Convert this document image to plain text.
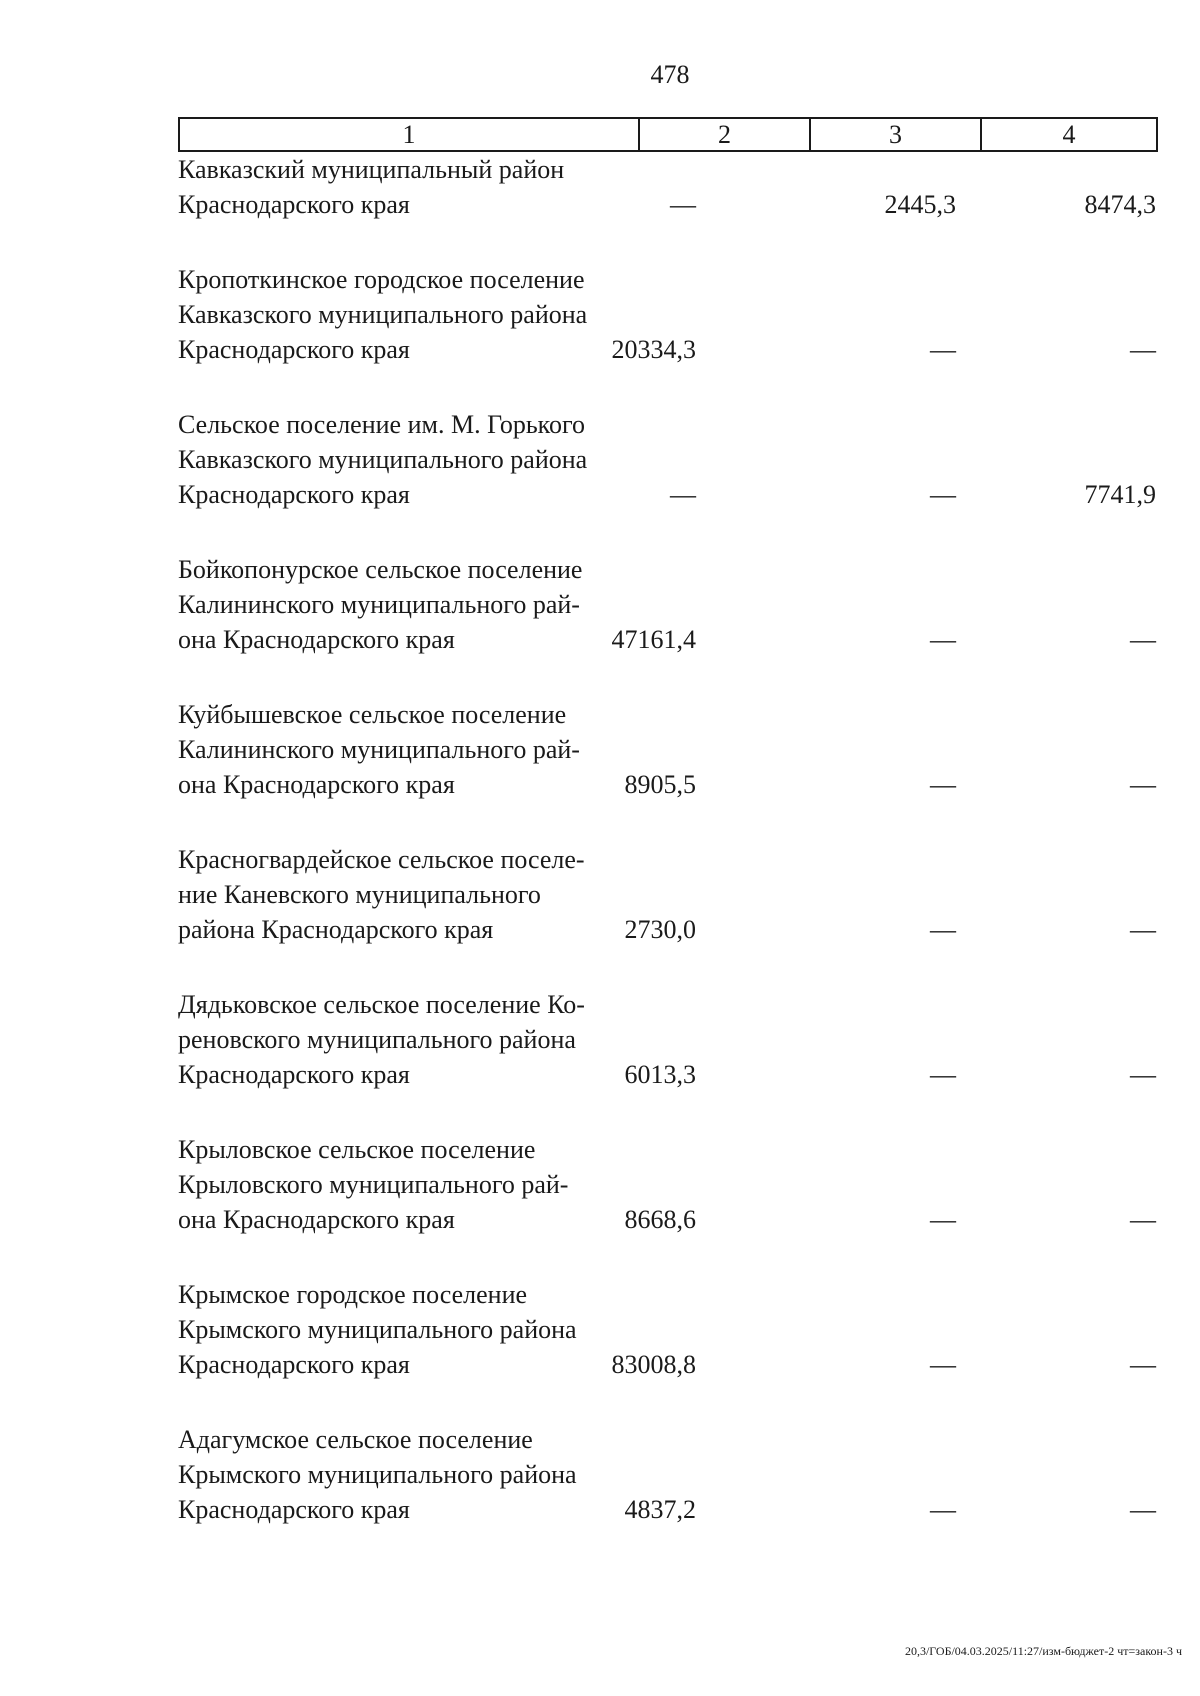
478
1	2	3	4
Кавказский муниципальный район
Краснодарского края	—	2445,3	8474,3
Кропоткинское городское поселение
Кавказского муниципального района
Краснодарского края	20334,3	—	—
Сельское поселение им. М. Горького
Кавказского муниципального района
Краснодарского края	—	—	7741,9
Бойкопонурское сельское поселение
Калининского муниципального рай-
она Краснодарского края	47161,4	—	—
Куйбышевское сельское поселение
Калининского муниципального рай-
она Краснодарского края	8905,5	—	—
Красногвардейское сельское поселе-
ние Каневского муниципального
района Краснодарского края	2730,0	—	—
Дядьковское сельское поселение Ко-
реновского муниципального района
Краснодарского края	6013,3	—	—
Крыловское сельское поселение
Крыловского муниципального рай-
она Краснодарского края	8668,6	—	—
Крымское городское поселение
Крымского муниципального района
Краснодарского края	83008,8	—	—
Адагумское сельское поселение
Крымского муниципального района
Краснодарского края	4837,2	—	—
20,3/ГОБ/04.03.2025/11:27/изм-бюджет-2 чт=закон-3 ч
